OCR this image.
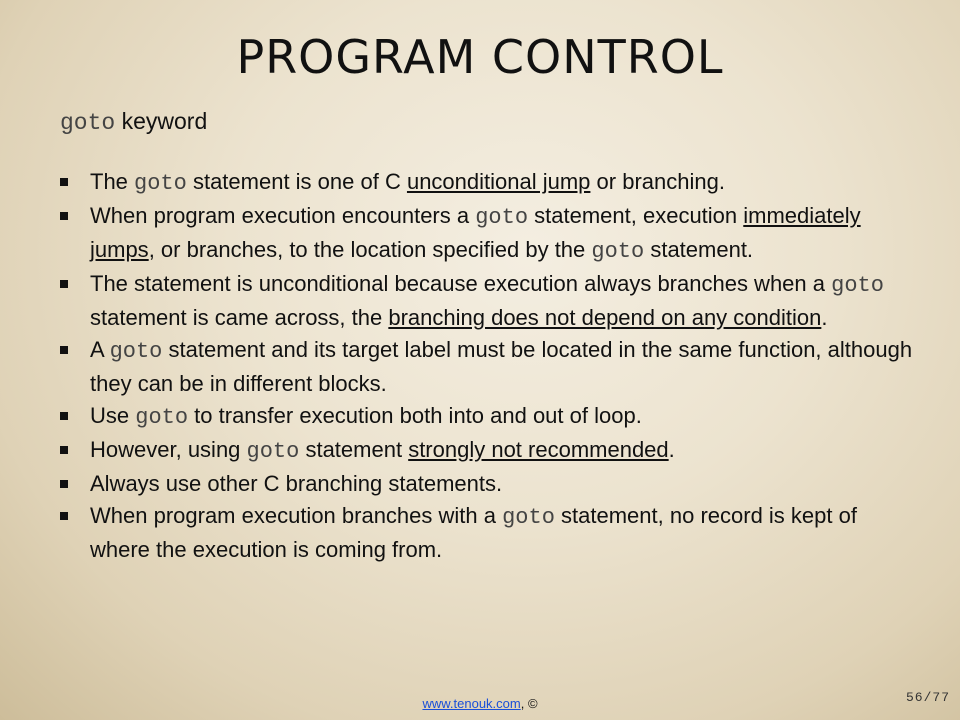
PROGRAM CONTROL
goto keyword
The goto statement is one of C unconditional jump or branching.
When program execution encounters a goto statement, execution immediately jumps, or branches, to the location specified by the goto statement.
The statement is unconditional because execution always branches when a goto statement is came across, the branching does not depend on any condition.
A goto statement and its target label must be located in the same function, although they can be in different blocks.
Use goto to transfer execution both into and out of loop.
However, using goto statement strongly not recommended.
Always use other C branching statements.
When program execution branches with a goto statement, no record is kept of where the execution is coming from.
www.tenouk.com, ©	56/77
